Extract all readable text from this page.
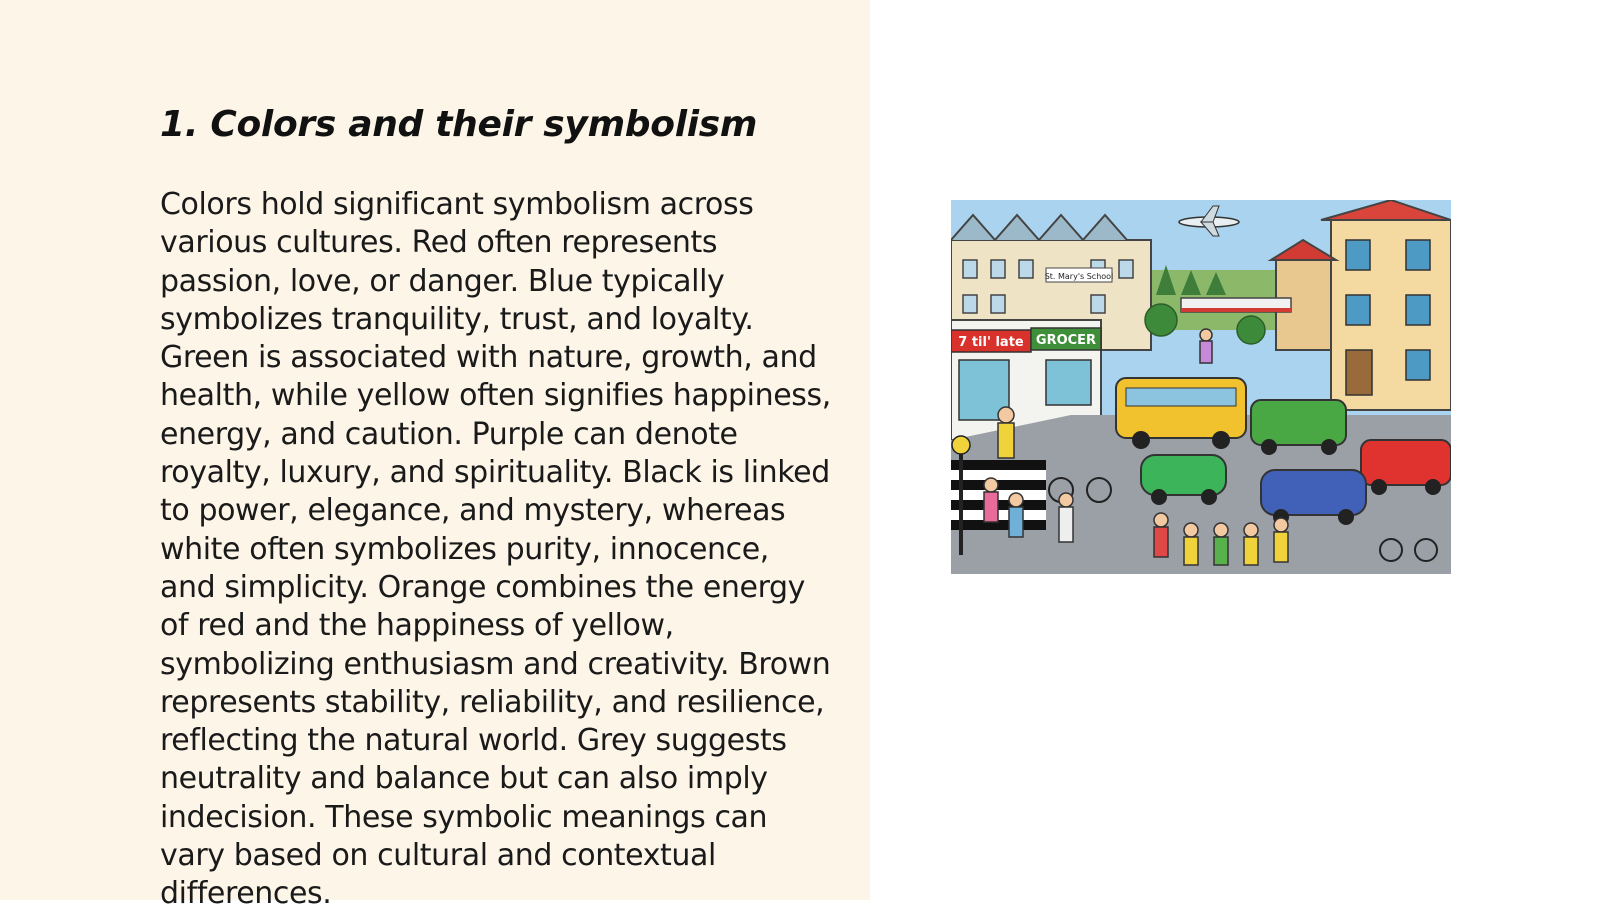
1. Colors and their symbolism

Colors hold significant symbolism across various cultures. Red often represents passion, love, or danger. Blue typically symbolizes tranquility, trust, and loyalty. Green is associated with nature, growth, and health, while yellow often signifies happiness, energy, and caution. Purple can denote royalty, luxury, and spirituality. Black is linked to power, elegance, and mystery, whereas white often symbolizes purity, innocence, and simplicity. Orange combines the energy of red and the happiness of yellow, symbolizing enthusiasm and creativity. Brown represents stability, reliability, and resilience, reflecting the natural world. Grey suggests neutrality and balance but can also imply indecision. These symbolic meanings can vary based on cultural and contextual differences.

St. Mary's School
7 til' late GROCER
